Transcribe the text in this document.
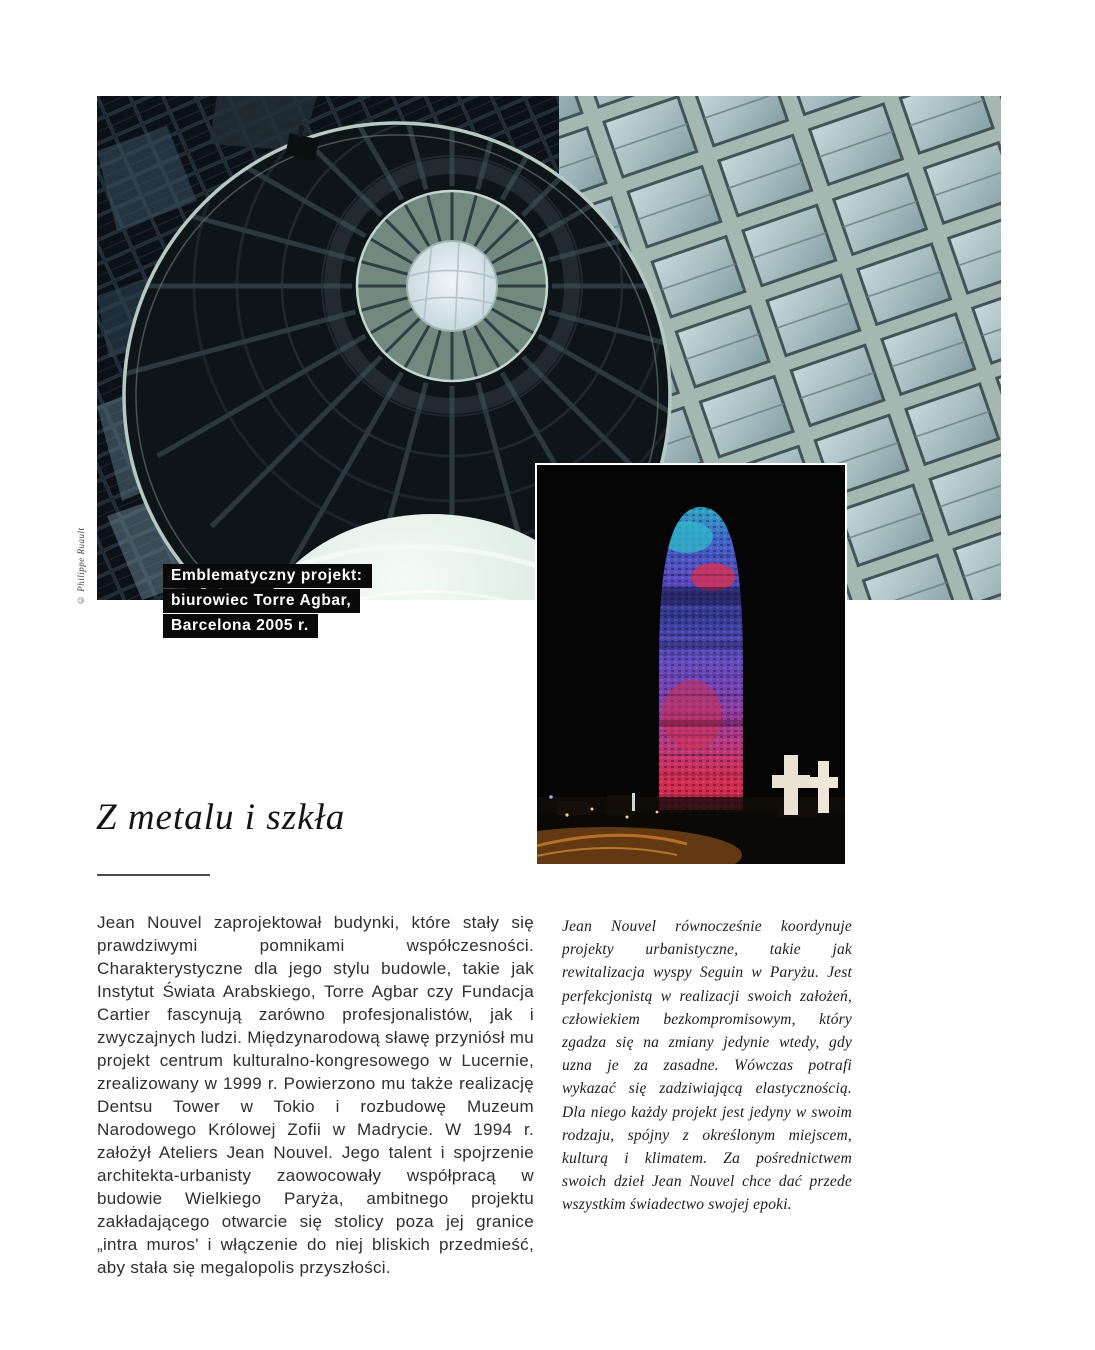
© Philippe Ruault	Emblematyczny projekt:
biurowiec Torre Agbar,
Barcelona 2005 r.
Z metalu i szkła
Jean Nouvel zaprojektował budynki, które stały się prawdziwymi pomnikami współczesności. Charakterystyczne dla jego stylu budowle, takie jak Instytut Świata Arabskiego, Torre Agbar czy Fundacja Cartier fascynują zarówno profesjonalistów, jak i zwyczajnych ludzi. Międzynarodową sławę przyniósł mu projekt centrum kulturalno-kongresowego w Lucernie, zrealizowany w 1999 r. Powierzono mu także realizację Dentsu Tower w Tokio i rozbudowę Muzeum Narodowego Królowej Zofii w Madrycie. W 1994 r. założył Ateliers Jean Nouvel. Jego talent i spojrzenie architekta-urbanisty zaowocowały współpracą w budowie Wielkiego Paryża, ambitnego projektu zakładającego otwarcie się stolicy poza jej granice „intra muros' i włączenie do niej bliskich przedmieść, aby stała się megalopolis przyszłości.
Jean Nouvel równocześnie koordynuje projekty urbanistyczne, takie jak rewitalizacja wyspy Seguin w Paryżu. Jest perfekcjonistą w realizacji swoich założeń, człowiekiem bezkompromisowym, który zgadza się na zmiany jedynie wtedy, gdy uzna je za zasadne. Wówczas potrafi wykazać się zadziwiającą elastycznością. Dla niego każdy projekt jest jedyny w swoim rodzaju, spójny z określonym miejscem, kulturą i klimatem. Za pośrednictwem swoich dzieł Jean Nouvel chce dać przede wszystkim świadectwo swojej epoki.
